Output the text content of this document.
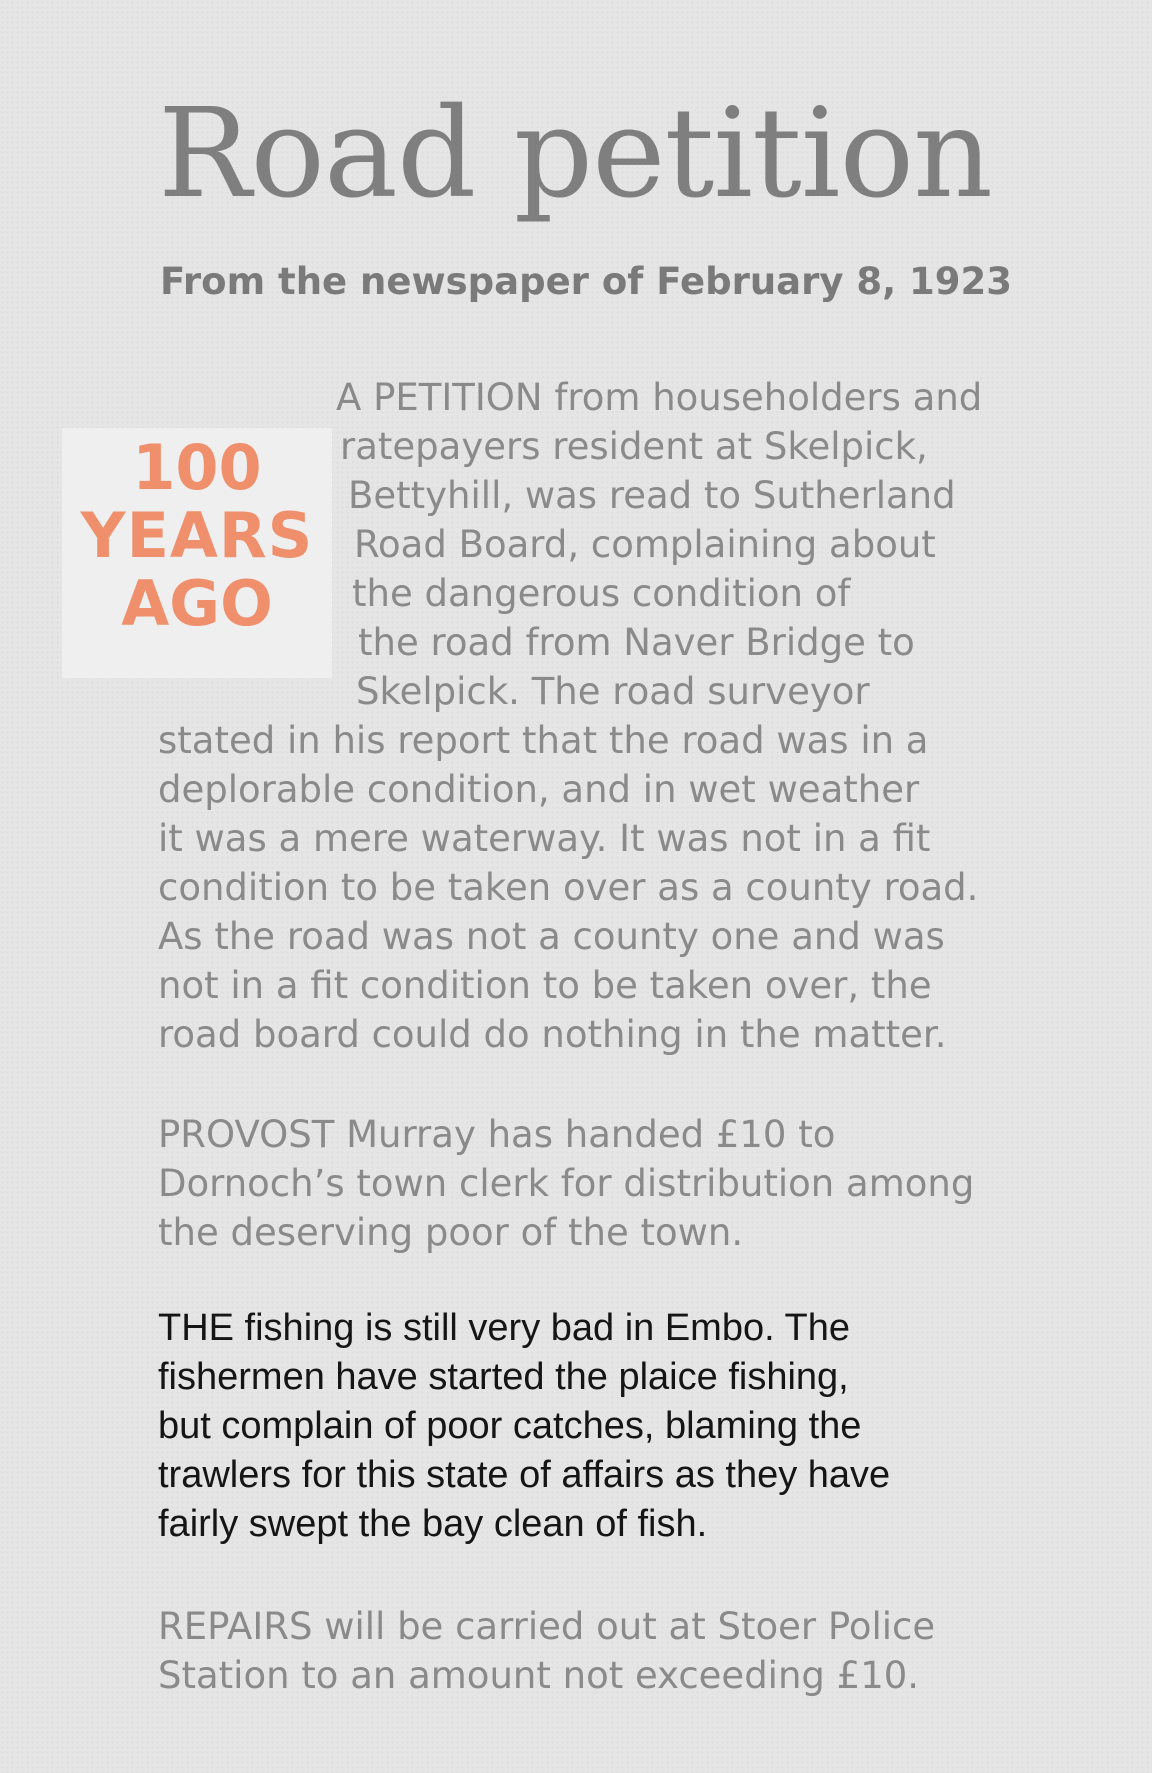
Road petition
From the newspaper of February 8, 1923
100
YEARS
AGO

A PETITION from householders and
ratepayers resident at Skelpick,
Bettyhill, was read to Sutherland
Road Board, complaining about
the dangerous condition of
the road from Naver Bridge to
Skelpick. The road surveyor
stated in his report that the road was in a
deplorable condition, and in wet weather
it was a mere waterway. It was not in a fit
condition to be taken over as a county road.
As the road was not a county one and was
not in a fit condition to be taken over, the
road board could do nothing in the matter.

PROVOST Murray has handed £10 to
Dornoch’s town clerk for distribution among
the deserving poor of the town.

THE fishing is still very bad in Embo. The
fishermen have started the plaice fishing,
but complain of poor catches, blaming the
trawlers for this state of affairs as they have
fairly swept the bay clean of fish.

REPAIRS will be carried out at Stoer Police
Station to an amount not exceeding £10.
